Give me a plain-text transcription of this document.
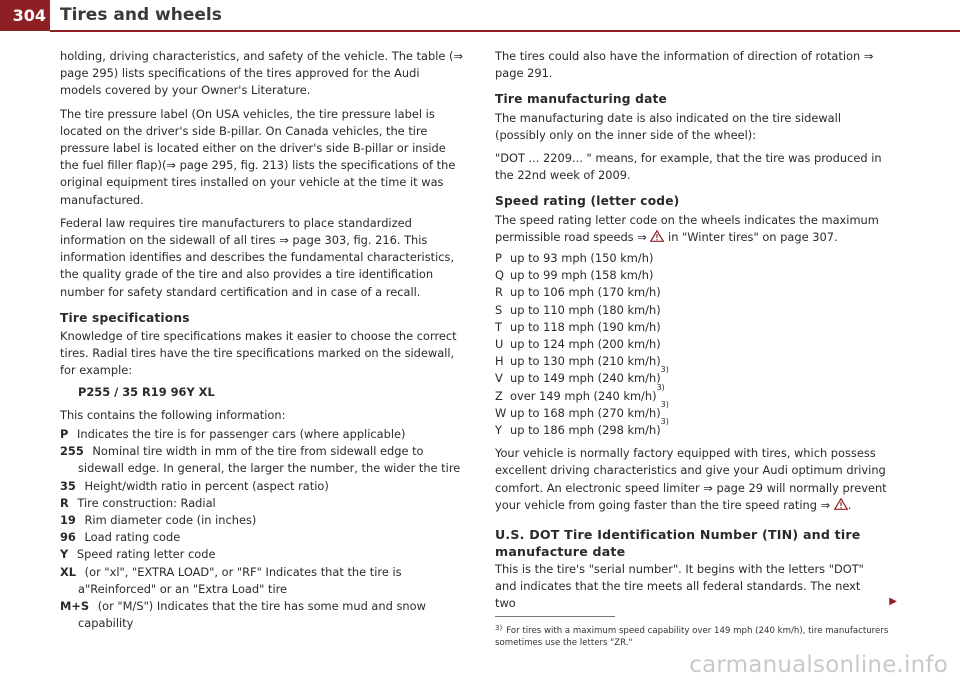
304 Tires and wheels

holding, driving characteristics, and safety of the vehicle. The table (⇒ page 295) lists specifications of the tires approved for the Audi models covered by your Owner's Literature.

The tire pressure label (On USA vehicles, the tire pressure label is located on the driver's side B-pillar. On Canada vehicles, the tire pressure label is located either on the driver's side B-pillar or inside the fuel filler flap)(⇒ page 295, fig. 213) lists the specifications of the original equipment tires installed on your vehicle at the time it was manufactured.

Federal law requires tire manufacturers to place standardized information on the sidewall of all tires ⇒ page 303, fig. 216. This information identifies and describes the fundamental characteristics, the quality grade of the tire and also provides a tire identification number for safety standard certification and in case of a recall.

Tire specifications

Knowledge of tire specifications makes it easier to choose the correct tires. Radial tires have the tire specifications marked on the sidewall, for example:

P255 / 35 R19 96Y XL

This contains the following information:

P Indicates the tire is for passenger cars (where applicable)
255 Nominal tire width in mm of the tire from sidewall edge to sidewall edge. In general, the larger the number, the wider the tire
35 Height/width ratio in percent (aspect ratio)
R Tire construction: Radial
19 Rim diameter code (in inches)
96 Load rating code
Y Speed rating letter code
XL (or "xl", "EXTRA LOAD", or "RF" Indicates that the tire is a"Reinforced" or an "Extra Load" tire
M+S (or "M/S") Indicates that the tire has some mud and snow capability

The tires could also have the information of direction of rotation ⇒ page 291.

Tire manufacturing date

The manufacturing date is also indicated on the tire sidewall (possibly only on the inner side of the wheel):

"DOT ... 2209... " means, for example, that the tire was produced in the 22nd week of 2009.

Speed rating (letter code)

The speed rating letter code on the wheels indicates the maximum permissible road speeds ⇒ in "Winter tires" on page 307.

P up to 93 mph (150 km/h)
Q up to 99 mph (158 km/h)
R up to 106 mph (170 km/h)
S up to 110 mph (180 km/h)
T up to 118 mph (190 km/h)
U up to 124 mph (200 km/h)
H up to 130 mph (210 km/h)
V up to 149 mph (240 km/h)
3)
Z over 149 mph (240 km/h)
3)
W up to 168 mph (270 km/h)
3)
Y up to 186 mph (298 km/h)
3)

Your vehicle is normally factory equipped with tires, which possess excellent driving characteristics and give your Audi optimum driving comfort. An electronic speed limiter ⇒ page 29 will normally prevent your vehicle from going faster than the tire speed rating ⇒ .

U.S. DOT Tire Identification Number (TIN) and tire manufacture date

This is the tire's "serial number". It begins with the letters "DOT" and indicates that the tire meets all federal standards. The next two	▶

$^{3)}$ For tires with a maximum speed capability over 149 mph (240 km/h), tire manufacturers sometimes use the letters "ZR."
carmanualsonline.info
